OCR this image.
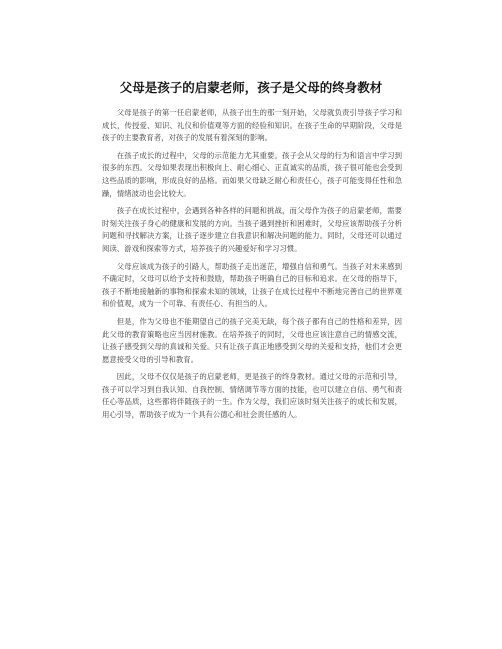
父母是孩子的启蒙老师，孩子是父母的终身教材

父母是孩子的第一任启蒙老师，从孩子出生的那一刻开始，父母就负责引导孩子学习和成长，传授爱、知识、礼仪和价值观等方面的经验和知识。在孩子生命的早期阶段，父母是孩子的主要教育者，对孩子的发展有着深刻的影响。

在孩子成长的过程中，父母的示范能力尤其重要。孩子会从父母的行为和语言中学习到很多的东西。父母如果表现出积极向上、耐心细心、正直诚实的品质，孩子很可能也会受到这些品质的影响，形成良好的品格。而如果父母缺乏耐心和责任心，孩子可能变得任性和急躁，情绪波动也会比较大。

孩子在成长过程中，会遇到各种各样的问题和挑战，而父母作为孩子的启蒙老师，需要时刻关注孩子身心的健康和发展的方向。当孩子遇到挫折和困难时，父母应该帮助孩子分析问题和寻找解决方案，让孩子逐步建立自我意识和解决问题的能力。同时，父母还可以通过阅读、游戏和探索等方式，培养孩子的兴趣爱好和学习习惯。

父母应该成为孩子的引路人，帮助孩子走出迷茫，增强自信和勇气。当孩子对未来感到不确定时，父母可以给予支持和鼓励，帮助孩子明确自己的目标和追求。在父母的指导下，孩子不断地接触新的事物和探索未知的领域，让孩子在成长过程中不断地完善自己的世界观和价值观，成为一个可靠、有责任心、有担当的人。

但是，作为父母也不能期望自己的孩子完美无缺，每个孩子都有自己的性格和差异，因此父母的教育策略也应当因材施教。在培养孩子的同时，父母也应该注意自己的情感交流，让孩子感受到父母的真诚和关爱。只有让孩子真正地感受到父母的关爱和支持，他们才会更愿意接受父母的引导和教育。

因此，父母不仅仅是孩子的启蒙老师，更是孩子的终身教材。通过父母的示范和引导，孩子可以学习到自我认知、自我控制、情绪调节等方面的技能，也可以建立自信、勇气和责任心等品质，这些都将伴随孩子的一生。作为父母，我们应该时刻关注孩子的成长和发展，用心引导，帮助孩子成为一个具有公德心和社会责任感的人。
